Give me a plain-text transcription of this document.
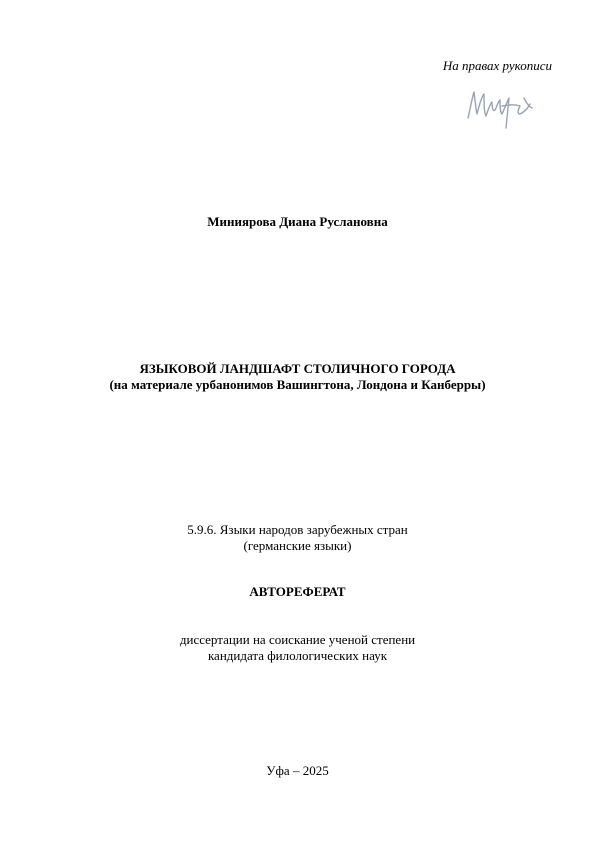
На правах рукописи
Миниярова Диана Руслановна
ЯЗЫКОВОЙ ЛАНДШАФТ СТОЛИЧНОГО ГОРОДА
(на материале урбанонимов Вашингтона, Лондона и Канберры)
5.9.6. Языки народов зарубежных стран
(германские языки)
АВТОРЕФЕРАТ
диссертации на соискание ученой степени
кандидата филологических наук
Уфа – 2025
